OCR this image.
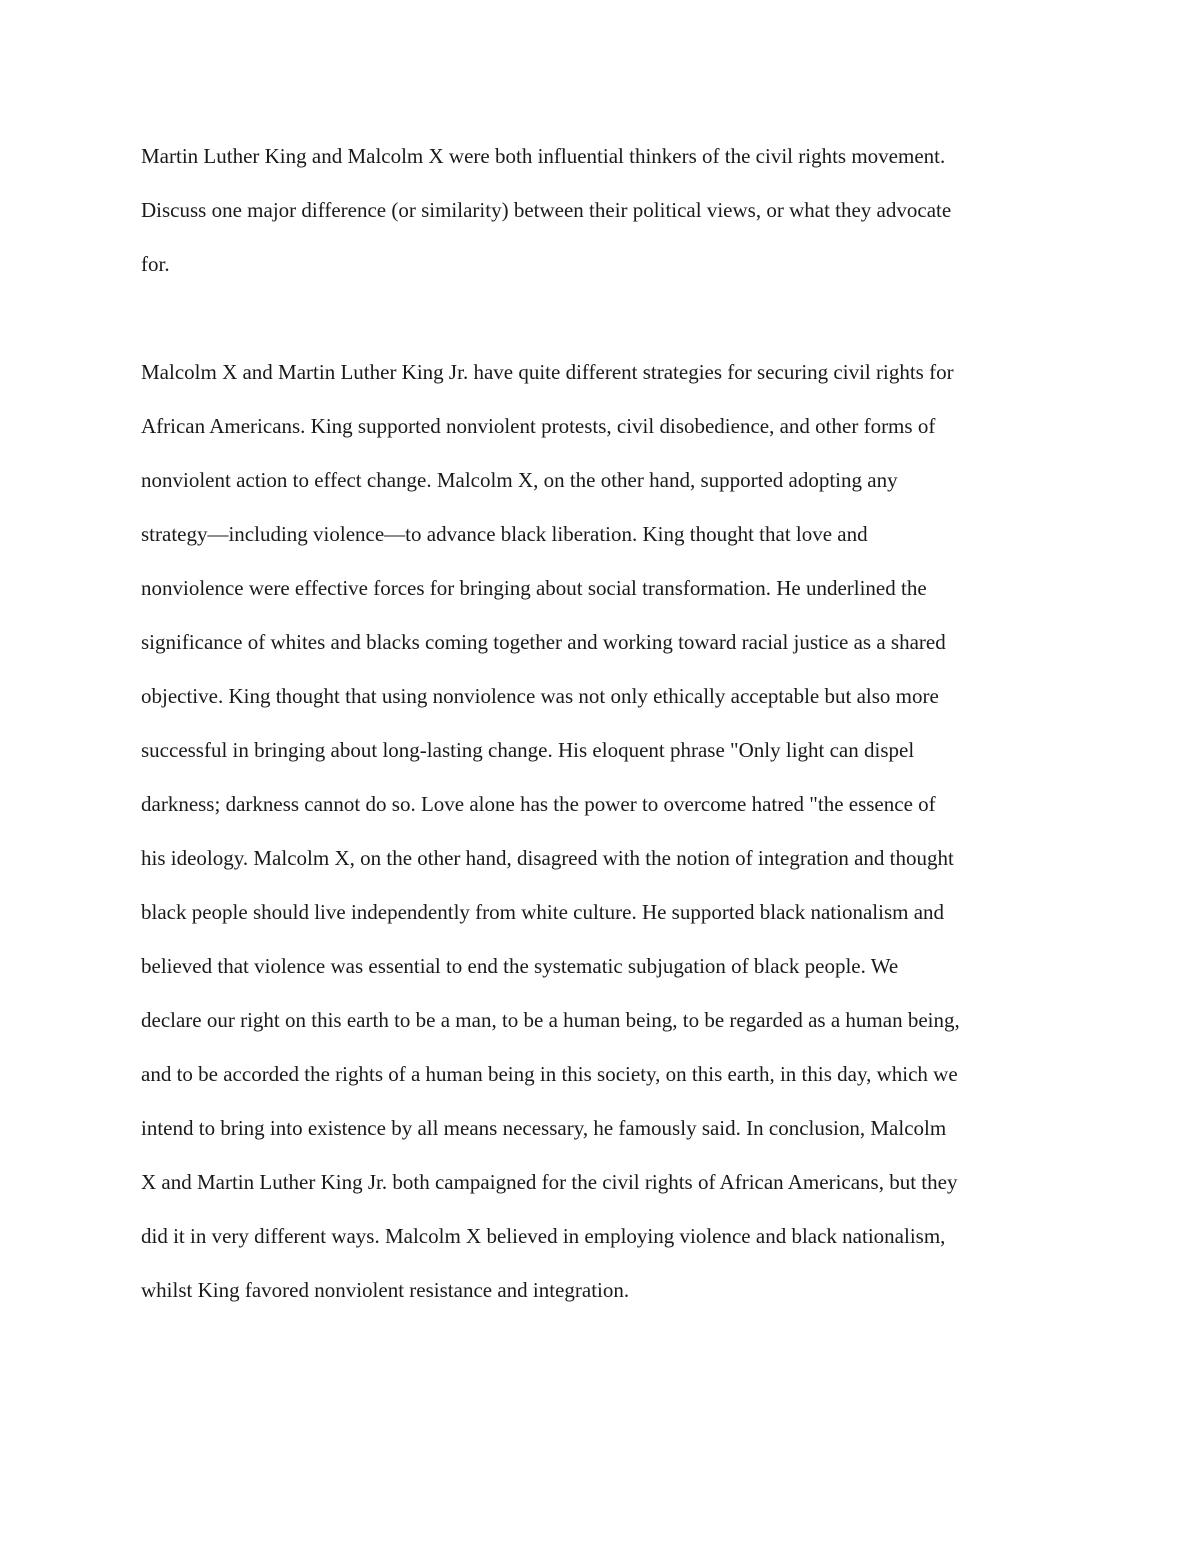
Martin Luther King and Malcolm X were both influential thinkers of the civil rights movement.
Discuss one major difference (or similarity) between their political views, or what they advocate
for.
Malcolm X and Martin Luther King Jr. have quite different strategies for securing civil rights for
African Americans. King supported nonviolent protests, civil disobedience, and other forms of
nonviolent action to effect change. Malcolm X, on the other hand, supported adopting any
strategy—including violence—to advance black liberation. King thought that love and
nonviolence were effective forces for bringing about social transformation. He underlined the
significance of whites and blacks coming together and working toward racial justice as a shared
objective. King thought that using nonviolence was not only ethically acceptable but also more
successful in bringing about long-lasting change. His eloquent phrase "Only light can dispel
darkness; darkness cannot do so. Love alone has the power to overcome hatred "the essence of
his ideology. Malcolm X, on the other hand, disagreed with the notion of integration and thought
black people should live independently from white culture. He supported black nationalism and
believed that violence was essential to end the systematic subjugation of black people. We
declare our right on this earth to be a man, to be a human being, to be regarded as a human being,
and to be accorded the rights of a human being in this society, on this earth, in this day, which we
intend to bring into existence by all means necessary, he famously said. In conclusion, Malcolm
X and Martin Luther King Jr. both campaigned for the civil rights of African Americans, but they
did it in very different ways. Malcolm X believed in employing violence and black nationalism,
whilst King favored nonviolent resistance and integration.
